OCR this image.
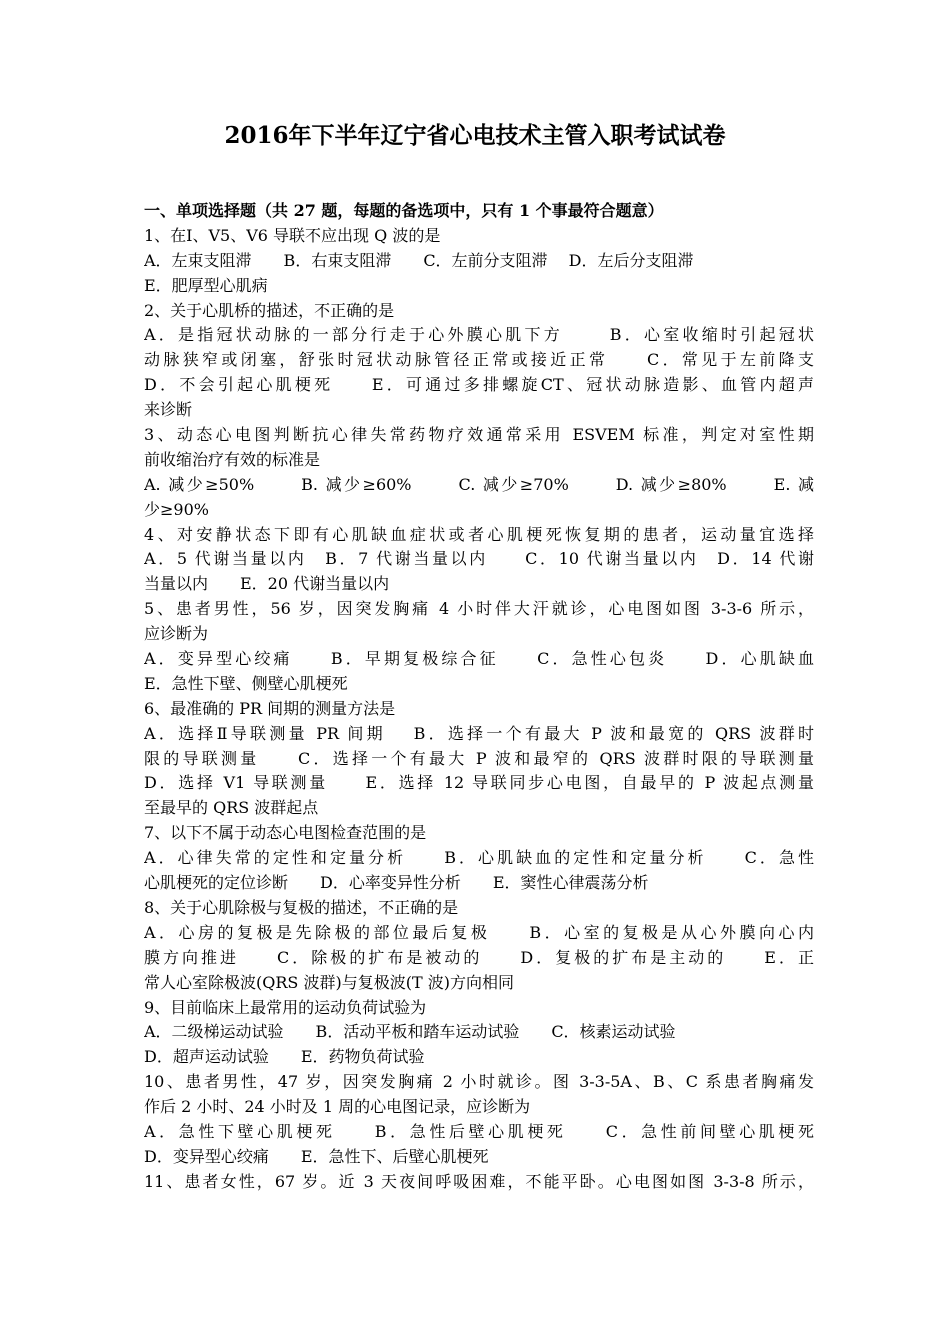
2016年下半年辽宁省心电技术主管入职考试试卷
一、单项选择题（共 27 题，每题的备选项中，只有 1 个事最符合题意）
1、在Ⅰ、V5、V6 导联不应出现 Q 波的是
A．左束支阻滞　　B．右束支阻滞　　C．左前分支阻滞　 D．左后分支阻滞
E．肥厚型心肌病
2、关于心肌桥的描述，不正确的是
A．是指冠状动脉的一部分行走于心外膜心肌下方　　 B．心室收缩时引起冠状
动脉狭窄或闭塞，舒张时冠状动脉管径正常或接近正常　　C．常见于左前降支
D．不会引起心肌梗死　　E．可通过多排螺旋CT、冠状动脉造影、血管内超声
来诊断
3、动态心电图判断抗心律失常药物疗效通常采用 ESVEM 标准，判定对室性期
前收缩治疗有效的标准是
A. 减少≥50%　　 B. 减少≥60%　　 C. 减少≥70%　　 D. 减少≥80%　　 E. 减
少≥90%
4、对安静状态下即有心肌缺血症状或者心肌梗死恢复期的患者，运动量宜选择
A．5 代谢当量以内　B．7 代谢当量以内　　C．10 代谢当量以内　D．14 代谢
当量以内　　E．20 代谢当量以内
5、患者男性，56 岁，因突发胸痛 4 小时伴大汗就诊，心电图如图 3-3-6 所示，
应诊断为
A．变异型心绞痛　　B．早期复极综合征　　C．急性心包炎　　D．心肌缺血
E．急性下壁、侧壁心肌梗死
6、最准确的 PR 间期的测量方法是
A．选择Ⅱ导联测量 PR 间期　 B．选择一个有最大 P 波和最宽的 QRS 波群时
限的导联测量　　C．选择一个有最大 P 波和最窄的 QRS 波群时限的导联测量
D．选择 V1 导联测量　　E．选择 12 导联同步心电图，自最早的 P 波起点测量
至最早的 QRS 波群起点
7、以下不属于动态心电图检查范围的是
A．心律失常的定性和定量分析　　B．心肌缺血的定性和定量分析　　C．急性
心肌梗死的定位诊断　　D．心率变异性分析　　E．窦性心律震荡分析
8、关于心肌除极与复极的描述，不正确的是
A．心房的复极是先除极的部位最后复极　　B．心室的复极是从心外膜向心内
膜方向推进　　C．除极的扩布是被动的　　D．复极的扩布是主动的　　E．正
常人心室除极波(QRS 波群)与复极波(T 波)方向相同
9、目前临床上最常用的运动负荷试验为
A．二级梯运动试验　　B．活动平板和踏车运动试验　　C．核素运动试验
D．超声运动试验　　E．药物负荷试验
10、患者男性，47 岁，因突发胸痛 2 小时就诊。图 3-3-5A、B、C 系患者胸痛发
作后 2 小时、24 小时及 1 周的心电图记录，应诊断为
A．急性下壁心肌梗死　　B．急性后壁心肌梗死　　C．急性前间壁心肌梗死
D．变异型心绞痛　　E．急性下、后壁心肌梗死
11、患者女性，67 岁。近 3 天夜间呼吸困难，不能平卧。心电图如图 3-3-8 所示，
